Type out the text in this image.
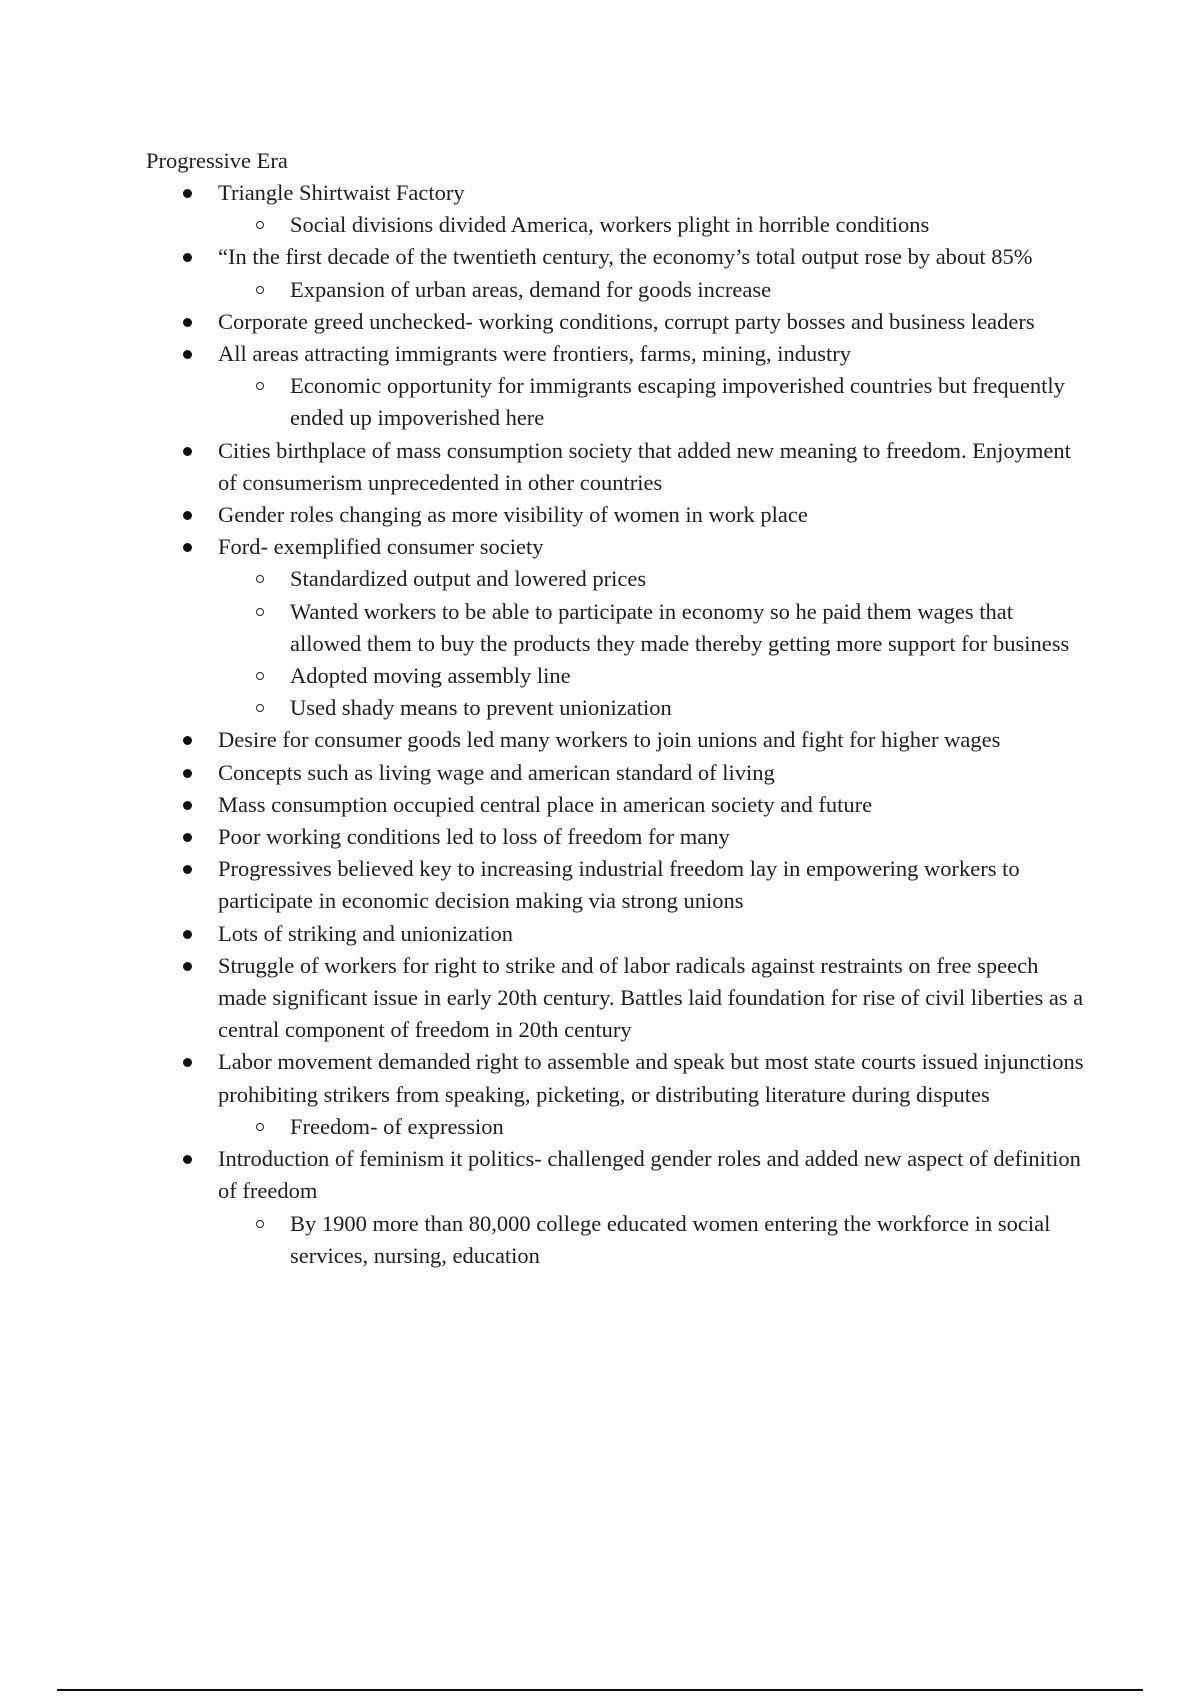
Progressive Era
Triangle Shirtwaist Factory
Social divisions divided America, workers plight in horrible conditions
“In the first decade of the twentieth century, the economy’s total output rose by about 85%
Expansion of urban areas, demand for goods increase
Corporate greed unchecked- working conditions, corrupt party bosses and business leaders
All areas attracting immigrants were frontiers, farms, mining, industry
Economic opportunity for immigrants escaping impoverished countries but frequently ended up impoverished here
Cities birthplace of mass consumption society that added new meaning to freedom. Enjoyment of consumerism unprecedented in other countries
Gender roles changing as more visibility of women in work place
Ford- exemplified consumer society
Standardized output and lowered prices
Wanted workers to be able to participate in economy so he paid them wages that allowed them to buy the products they made thereby getting more support for business
Adopted moving assembly line
Used shady means to prevent unionization
Desire for consumer goods led many workers to join unions and fight for higher wages
Concepts such as living wage and american standard of living
Mass consumption occupied central place in american society and future
Poor working conditions led to loss of freedom for many
Progressives believed key to increasing industrial freedom lay in empowering workers to participate in economic decision making via strong unions
Lots of striking and unionization
Struggle of workers for right to strike and of labor radicals against restraints on free speech made significant issue in early 20th century. Battles laid foundation for rise of civil liberties as a central component of freedom in 20th century
Labor movement demanded right to assemble and speak but most state courts issued injunctions prohibiting strikers from speaking, picketing, or distributing literature during disputes
Freedom- of expression
Introduction of feminism it politics- challenged gender roles and added new aspect of definition of freedom
By 1900 more than 80,000 college educated women entering the workforce in social services, nursing, education
